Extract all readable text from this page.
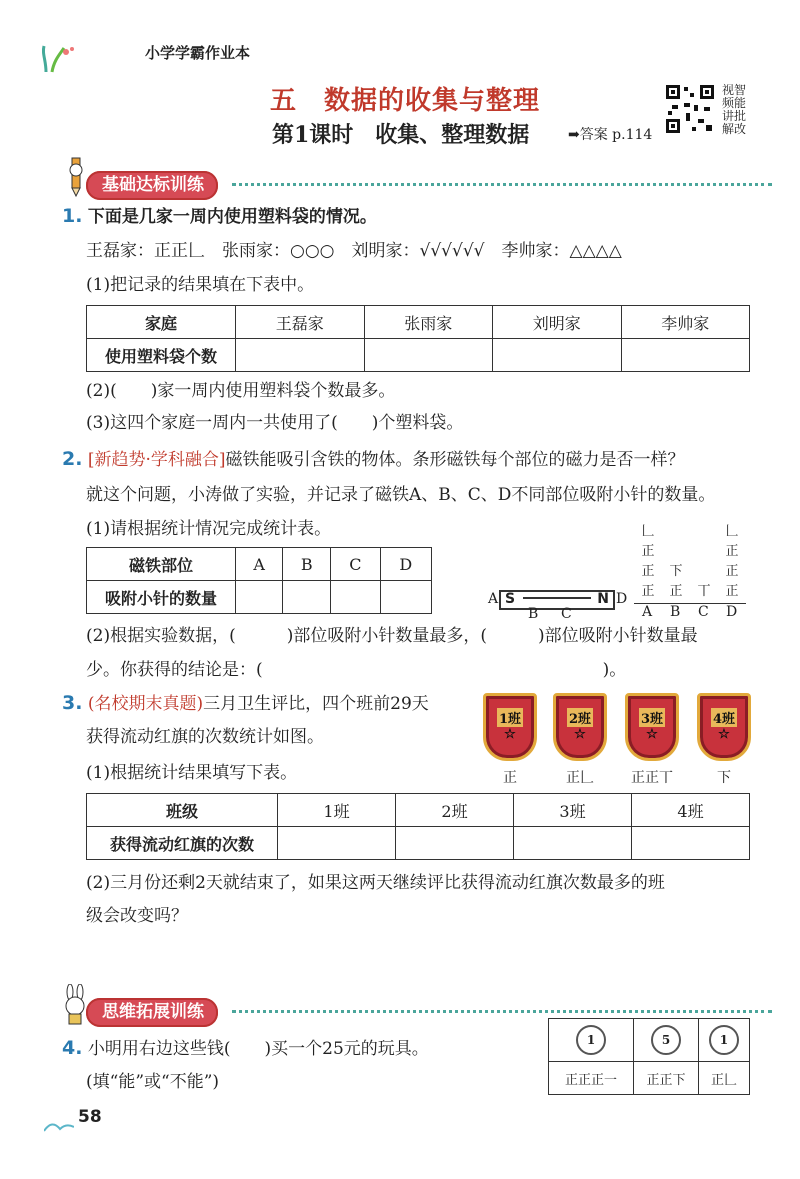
小学学霸作业本
五　数据的收集与整理
第1课时　收集、整理数据	➡答案 p.114
视智频能讲批解改
基础达标训练
1. 下面是几家一周内使用塑料袋的情况。
王磊家：正正𠃊　张雨家：○○○　刘明家：√√√√√√　李帅家：△△△△
(1)把记录的结果填在下表中。
家庭	王磊家	张雨家	刘明家	李帅家
使用塑料袋个数				
(2)(　　)家一周内使用塑料袋个数最多。
(3)这四个家庭一周内一共使用了(　　)个塑料袋。
2. [新趋势·学科融合]磁铁能吸引含铁的物体。条形磁铁每个部位的磁力是否一样？
就这个问题，小涛做了实验，并记录了磁铁A、B、C、D不同部位吸附小针的数量。
(1)请根据统计情况完成统计表。
磁铁部位	A	B	C	D
吸附小针的数量					A S	N D
B C
𠃊
正
正
正
下
正 丅
𠃊
正
正
正
A B C D
(2)根据实验数据，(　　　)部位吸附小针数量最多，(　　　)部位吸附小针数量最
少。你获得的结论是：(　　　　　　　　　　　　　　　　　　　　)。
3. (名校期末真题)三月卫生评比，四个班前29天
获得流动红旗的次数统计如图。
(1)根据统计结果填写下表。
1班
☆
正
2班
☆
正𠃊
3班
☆
正正丅
4班
☆
下
班级	1班	2班	3班	4班
获得流动红旗的次数				
(2)三月份还剩2天就结束了，如果这两天继续评比获得流动红旗次数最多的班
级会改变吗？
思维拓展训练
4. 小明用右边这些钱(　　)买一个25元的玩具。
(填“能”或“不能”)
1	5	1

正正正一	正正下	正𠃊
58
